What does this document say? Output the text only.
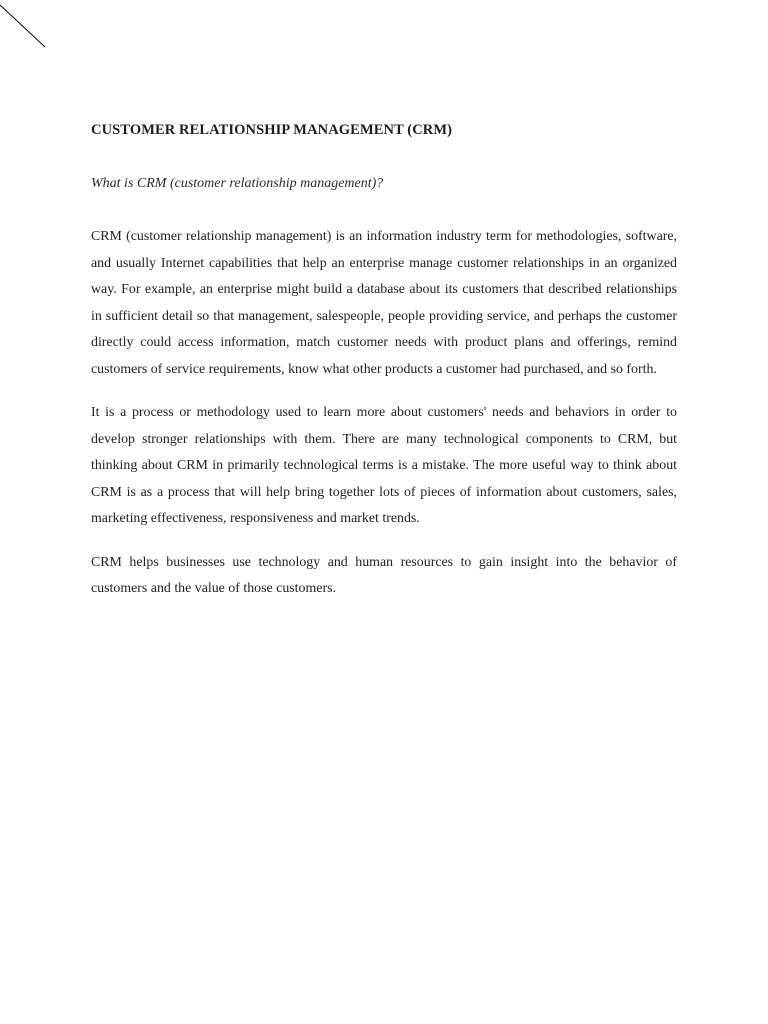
CUSTOMER RELATIONSHIP MANAGEMENT (CRM)

What is CRM (customer relationship management)?

CRM (customer relationship management) is an information industry term for methodologies, software, and usually Internet capabilities that help an enterprise manage customer relationships in an organized way. For example, an enterprise might build a database about its customers that described relationships in sufficient detail so that management, salespeople, people providing service, and perhaps the customer directly could access information, match customer needs with product plans and offerings, remind customers of service requirements, know what other products a customer had purchased, and so forth.

It is a process or methodology used to learn more about customers' needs and behaviors in order to develop stronger relationships with them. There are many technological components to CRM, but thinking about CRM in primarily technological terms is a mistake. The more useful way to think about CRM is as a process that will help bring together lots of pieces of information about customers, sales, marketing effectiveness, responsiveness and market trends.

CRM helps businesses use technology and human resources to gain insight into the behavior of customers and the value of those customers.
